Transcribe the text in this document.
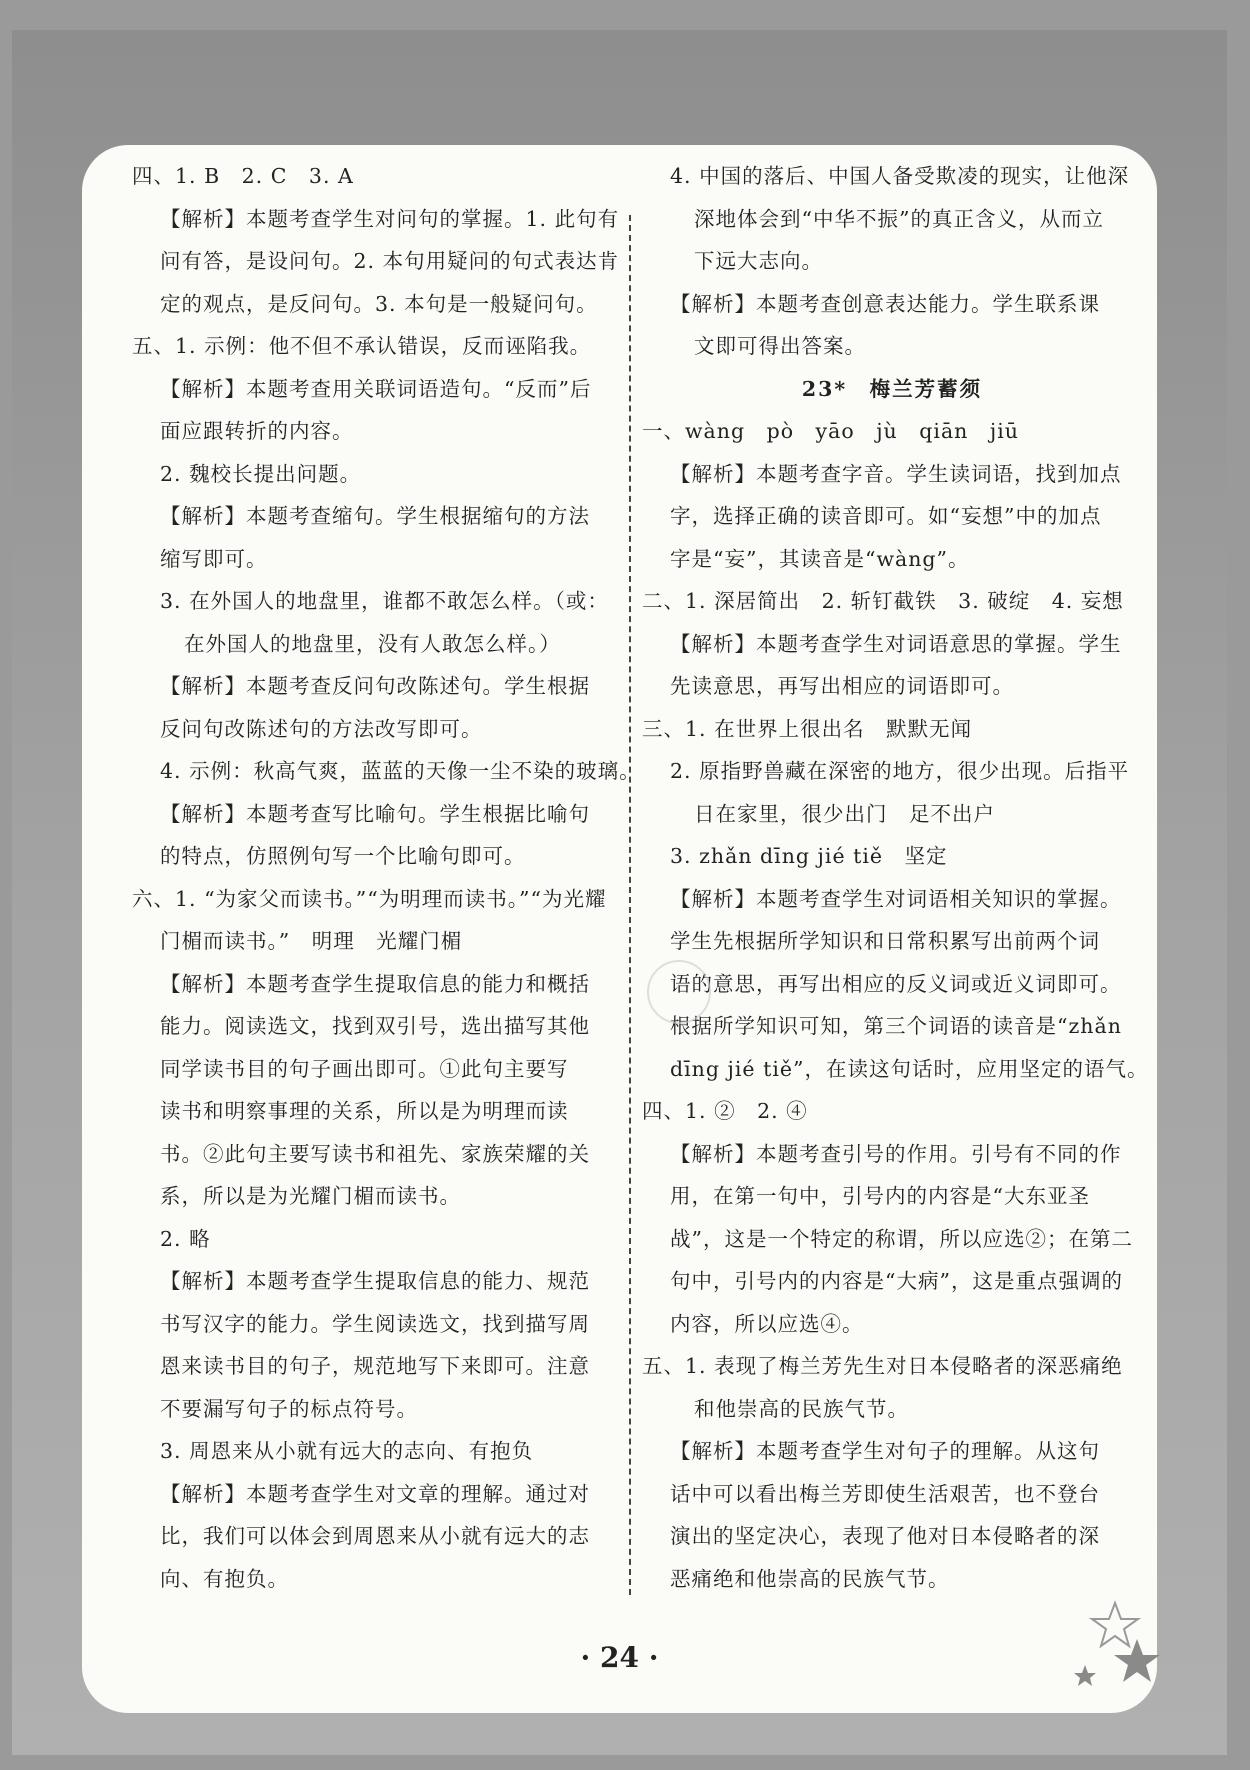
四、1. B　2. C　3. A
【解析】本题考查学生对问句的掌握。1. 此句有
问有答，是设问句。2. 本句用疑问的句式表达肯
定的观点，是反问句。3. 本句是一般疑问句。
五、1. 示例：他不但不承认错误，反而诬陷我。
【解析】本题考查用关联词语造句。“反而”后
面应跟转折的内容。
2. 魏校长提出问题。
【解析】本题考查缩句。学生根据缩句的方法
缩写即可。
3. 在外国人的地盘里，谁都不敢怎么样。（或：
在外国人的地盘里，没有人敢怎么样。）
【解析】本题考查反问句改陈述句。学生根据
反问句改陈述句的方法改写即可。
4. 示例：秋高气爽，蓝蓝的天像一尘不染的玻璃。
【解析】本题考查写比喻句。学生根据比喻句
的特点，仿照例句写一个比喻句即可。
六、1. “为家父而读书。”“为明理而读书。”“为光耀
门楣而读书。”　明理　光耀门楣
【解析】本题考查学生提取信息的能力和概括
能力。阅读选文，找到双引号，选出描写其他
同学读书目的句子画出即可。①此句主要写
读书和明察事理的关系，所以是为明理而读
书。②此句主要写读书和祖先、家族荣耀的关
系，所以是为光耀门楣而读书。
2. 略
【解析】本题考查学生提取信息的能力、规范
书写汉字的能力。学生阅读选文，找到描写周
恩来读书目的句子，规范地写下来即可。注意
不要漏写句子的标点符号。
3. 周恩来从小就有远大的志向、有抱负
【解析】本题考查学生对文章的理解。通过对
比，我们可以体会到周恩来从小就有远大的志
向、有抱负。
4. 中国的落后、中国人备受欺凌的现实，让他深
深地体会到“中华不振”的真正含义，从而立
下远大志向。
【解析】本题考查创意表达能力。学生联系课
文即可得出答案。
23*　梅兰芳蓄须
一、wàng　pò　yāo　jù　qiān　jiū
【解析】本题考查字音。学生读词语，找到加点
字，选择正确的读音即可。如“妄想”中的加点
字是“妄”，其读音是“wàng”。
二、1. 深居简出　2. 斩钉截铁　3. 破绽　4. 妄想
【解析】本题考查学生对词语意思的掌握。学生
先读意思，再写出相应的词语即可。
三、1. 在世界上很出名　默默无闻
2. 原指野兽藏在深密的地方，很少出现。后指平
日在家里，很少出门　足不出户
3. zhǎn dīng jié tiě　坚定
【解析】本题考查学生对词语相关知识的掌握。
学生先根据所学知识和日常积累写出前两个词
语的意思，再写出相应的反义词或近义词即可。
根据所学知识可知，第三个词语的读音是“zhǎn
dīng jié tiě”，在读这句话时，应用坚定的语气。
四、1. ②　2. ④
【解析】本题考查引号的作用。引号有不同的作
用，在第一句中，引号内的内容是“大东亚圣
战”，这是一个特定的称谓，所以应选②；在第二
句中，引号内的内容是“大病”，这是重点强调的
内容，所以应选④。
五、1. 表现了梅兰芳先生对日本侵略者的深恶痛绝
和他崇高的民族气节。
【解析】本题考查学生对句子的理解。从这句
话中可以看出梅兰芳即使生活艰苦，也不登台
演出的坚定决心，表现了他对日本侵略者的深
恶痛绝和他崇高的民族气节。
· 24 ·
